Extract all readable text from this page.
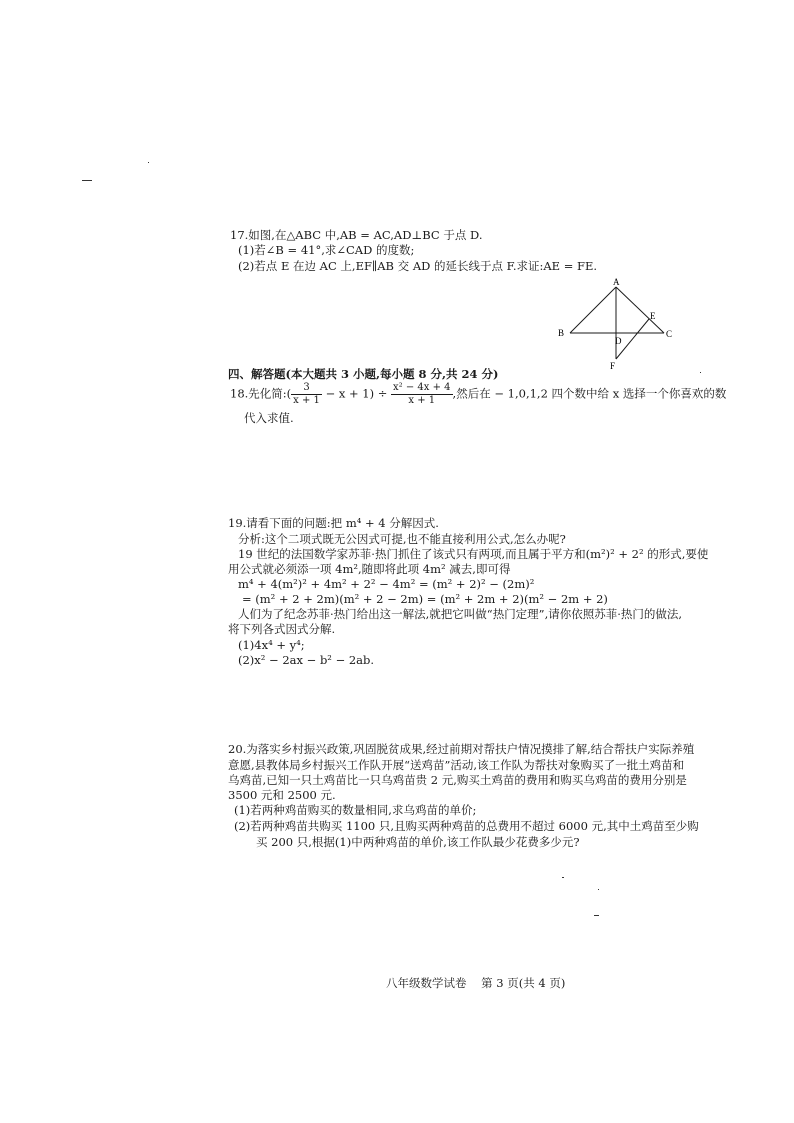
17.如图,在△ABC 中,AB = AC,AD⊥BC 于点 D.
(1)若∠B = 41°,求∠CAD 的度数;
(2)若点 E 在边 AC 上,EF∥AB 交 AD 的延长线于点 F.求证:AE = FE.
A
B	C
D
E
F
四、解答题(本大题共 3 小题,每小题 8 分,共 24 分)
18.先化简:( $\frac{3}{x + 1} - x + 1) \div \frac{\text{x² − 4x + 4}}{x + 1}$ ,然后在 − 1,0,1,2 四个数中给 x 选择一个你喜欢的数
代入求值.
19.请看下面的问题:把 m⁴ + 4 分解因式.
分析:这个二项式既无公因式可提,也不能直接利用公式,怎么办呢?
19 世纪的法国数学家苏菲·热门抓住了该式只有两项,而且属于平方和(m²)² + 2² 的形式,要使
用公式就必须添一项 4m²,随即将此项 4m² 减去,即可得
m⁴ + 4(m²)² + 4m² + 2² − 4m² = (m² + 2)² − (2m)²
= (m² + 2 + 2m)(m² + 2 − 2m) = (m² + 2m + 2)(m² − 2m + 2)
人们为了纪念苏菲·热门给出这一解法,就把它叫做“热门定理”,请你依照苏菲·热门的做法,
将下列各式因式分解.
(1)4x⁴ + y⁴;
(2)x² − 2ax − b² − 2ab.
20.为落实乡村振兴政策,巩固脱贫成果,经过前期对帮扶户情况摸排了解,结合帮扶户实际养殖
意愿,县教体局乡村振兴工作队开展“送鸡苗”活动,该工作队为帮扶对象购买了一批土鸡苗和
乌鸡苗,已知一只土鸡苗比一只乌鸡苗贵 2 元,购买土鸡苗的费用和购买乌鸡苗的费用分别是
3500 元和 2500 元.
(1)若两种鸡苗购买的数量相同,求乌鸡苗的单价;
(2)若两种鸡苗共购买 1100 只,且购买两种鸡苗的总费用不超过 6000 元,其中土鸡苗至少购
买 200 只,根据(1)中两种鸡苗的单价,该工作队最少花费多少元?
八年级数学试卷    第 3 页(共 4 页)
